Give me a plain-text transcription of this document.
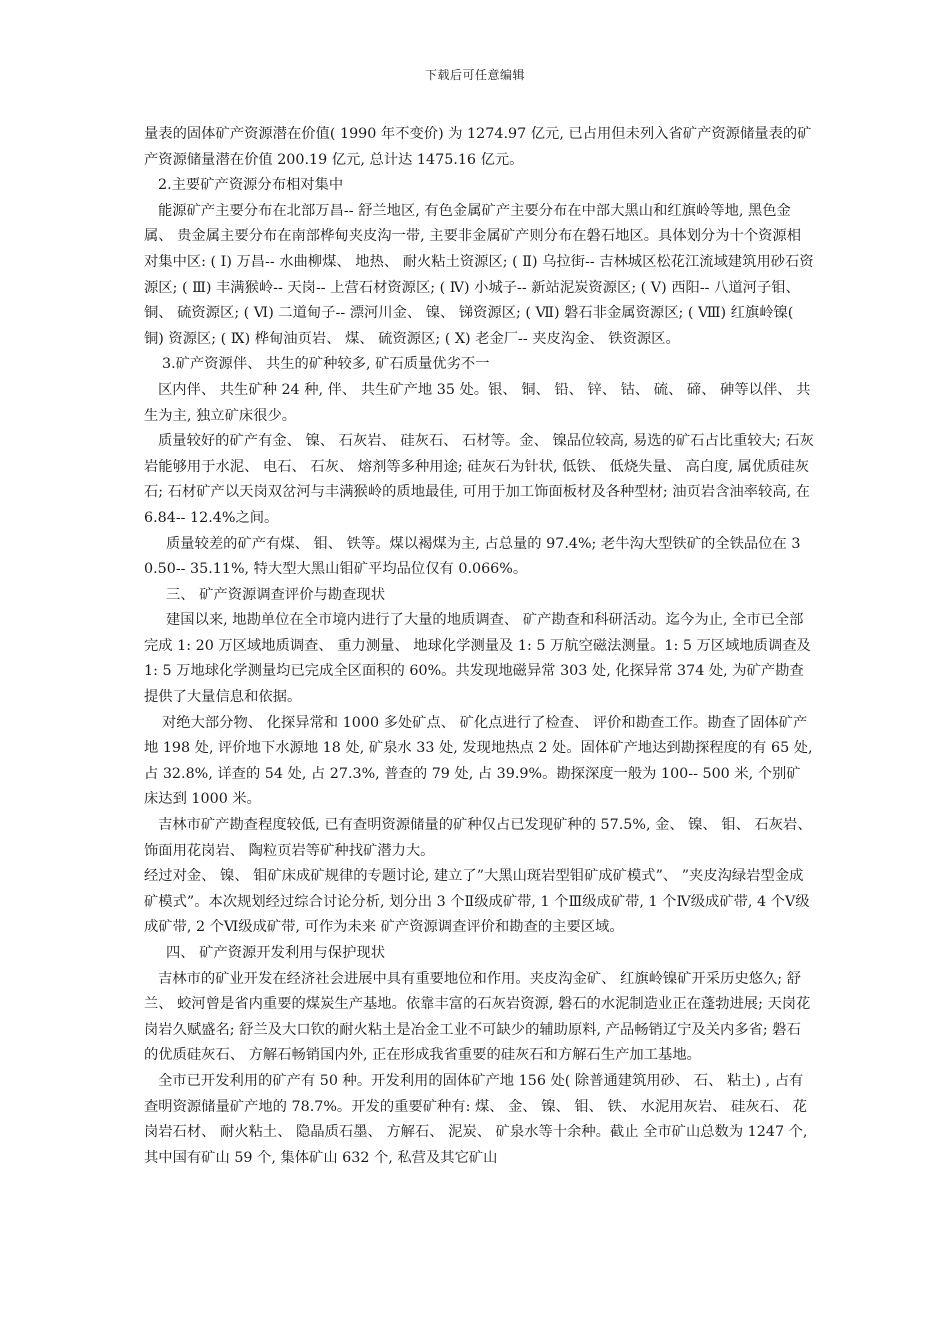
下载后可任意编辑

量表的固体矿产资源潜在价值( 1990 年不变价) 为 1274.97 亿元, 已占用但未列入省矿产资源储量表的矿产资源储量潜在价值 200.19 亿元, 总计达 1475.16 亿元。

2.主要矿产资源分布相对集中

能源矿产主要分布在北部万昌-- 舒兰地区, 有色金属矿产主要分布在中部大黑山和红旗岭等地, 黑色金属、 贵金属主要分布在南部桦甸夹皮沟一带, 主要非金属矿产则分布在磐石地区。具体划分为十个资源相对集中区: ( Ⅰ) 万昌-- 水曲柳煤、 地热、 耐火粘土资源区; ( Ⅱ) 乌拉街-- 吉林城区松花江流域建筑用砂石资源区; ( Ⅲ) 丰满猴岭-- 天岗-- 上营石材资源区; ( Ⅳ) 小城子-- 新站泥炭资源区; ( Ⅴ) 西阳-- 八道河子钼、 铜、 硫资源区; ( Ⅵ) 二道甸子-- 漂河川金、 镍、 锑资源区; ( Ⅶ) 磐石非金属资源区; ( Ⅷ) 红旗岭镍( 铜) 资源区; ( Ⅸ) 桦甸油页岩、 煤、 硫资源区; ( Ⅹ) 老金厂-- 夹皮沟金、 铁资源区。

3.矿产资源伴、 共生的矿种较多, 矿石质量优劣不一

区内伴、 共生矿种 24 种, 伴、 共生矿产地 35 处。银、 铜、 铅、 锌、 钴、 硫、 碲、 砷等以伴、 共生为主, 独立矿床很少。

质量较好的矿产有金、 镍、 石灰岩、 硅灰石、 石材等。金、 镍品位较高, 易选的矿石占比重较大; 石灰岩能够用于水泥、 电石、 石灰、 熔剂等多种用途; 硅灰石为针状, 低铁、 低烧失量、 高白度, 属优质硅灰石; 石材矿产以天岗双岔河与丰满猴岭的质地最佳, 可用于加工饰面板材及各种型材; 油页岩含油率较高, 在 6.84-- 12.4%之间。

质量较差的矿产有煤、 钼、 铁等。煤以褐煤为主, 占总量的 97.4%; 老牛沟大型铁矿的全铁品位在 30.50-- 35.11%, 特大型大黑山钼矿平均品位仅有 0.066%。

三、 矿产资源调查评价与勘查现状

建国以来, 地勘单位在全市境内进行了大量的地质调查、 矿产勘查和科研活动。迄今为止, 全市已全部完成 1: 20 万区域地质调查、 重力测量、 地球化学测量及 1: 5 万航空磁法测量。1: 5 万区域地质调查及 1: 5 万地球化学测量均已完成全区面积的 60%。共发现地磁异常 303 处, 化探异常 374 处, 为矿产勘查提供了大量信息和依据。

对绝大部分物、 化探异常和 1000 多处矿点、 矿化点进行了检查、 评价和勘查工作。勘查了固体矿产地 198 处, 评价地下水源地 18 处, 矿泉水 33 处, 发现地热点 2 处。固体矿产地达到勘探程度的有 65 处, 占 32.8%, 详查的 54 处, 占 27.3%, 普查的 79 处, 占 39.9%。勘探深度一般为 100-- 500 米, 个别矿床达到 1000 米。

吉林市矿产勘查程度较低, 已有查明资源储量的矿种仅占已发现矿种的 57.5%, 金、 镍、 钼、 石灰岩、 饰面用花岗岩、 陶粒页岩等矿种找矿潜力大。

经过对金、 镍、 钼矿床成矿规律的专题讨论, 建立了”大黑山斑岩型钼矿成矿模式”、 ”夹皮沟绿岩型金成矿模式”。本次规划经过综合讨论分析, 划分出 3 个Ⅱ级成矿带, 1 个Ⅲ级成矿带, 1 个Ⅳ级成矿带, 4 个Ⅴ级成矿带, 2 个Ⅵ级成矿带, 可作为未来 矿产资源调查评价和勘查的主要区域。

四、 矿产资源开发利用与保护现状

吉林市的矿业开发在经济社会进展中具有重要地位和作用。夹皮沟金矿、 红旗岭镍矿开采历史悠久; 舒兰、 蛟河曾是省内重要的煤炭生产基地。依靠丰富的石灰岩资源, 磐石的水泥制造业正在蓬勃进展; 天岗花岗岩久赋盛名; 舒兰及大口钦的耐火粘土是冶金工业不可缺少的辅助原料, 产品畅销辽宁及关内多省; 磐石的优质硅灰石、 方解石畅销国内外, 正在形成我省重要的硅灰石和方解石生产加工基地。

全市已开发利用的矿产有 50 种。开发利用的固体矿产地 156 处( 除普通建筑用砂、 石、 粘土) , 占有查明资源储量矿产地的 78.7%。开发的重要矿种有: 煤、 金、 镍、 钼、 铁、 水泥用灰岩、 硅灰石、 花岗岩石材、 耐火粘土、 隐晶质石墨、 方解石、 泥炭、 矿泉水等十余种。截止 全市矿山总数为 1247 个, 其中国有矿山 59 个, 集体矿山 632 个, 私营及其它矿山
